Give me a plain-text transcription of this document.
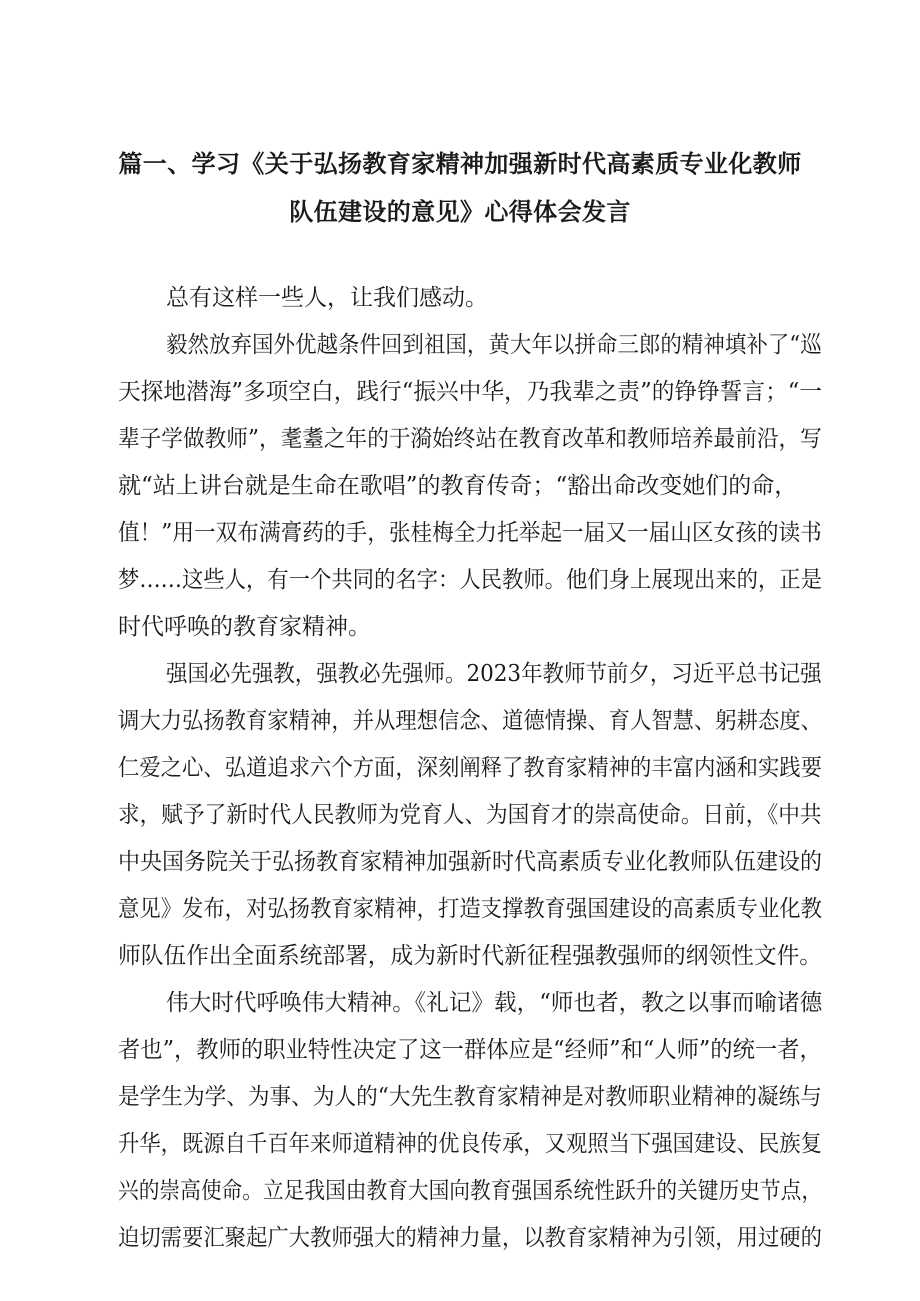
篇一、学习《关于弘扬教育家精神加强新时代高素质专业化教师
队伍建设的意见》心得体会发言
总有这样一些人，让我们感动。
毅然放弃国外优越条件回到祖国，黄大年以拼命三郎的精神填补了“巡
天探地潜海”多项空白，践行“振兴中华，乃我辈之责”的铮铮誓言；“一
辈子学做教师”，耄耋之年的于漪始终站在教育改革和教师培养最前沿，写
就“站上讲台就是生命在歌唱”的教育传奇；“豁出命改变她们的命，
值！”用一双布满膏药的手，张桂梅全力托举起一届又一届山区女孩的读书
梦……这些人，有一个共同的名字：人民教师。他们身上展现出来的，正是
时代呼唤的教育家精神。
强国必先强教，强教必先强师。2023年教师节前夕，习近平总书记强
调大力弘扬教育家精神，并从理想信念、道德情操、育人智慧、躬耕态度、
仁爱之心、弘道追求六个方面，深刻阐释了教育家精神的丰富内涵和实践要
求，赋予了新时代人民教师为党育人、为国育才的崇高使命。日前，《中共
中央国务院关于弘扬教育家精神加强新时代高素质专业化教师队伍建设的
意见》发布，对弘扬教育家精神，打造支撑教育强国建设的高素质专业化教
师队伍作出全面系统部署，成为新时代新征程强教强师的纲领性文件。
伟大时代呼唤伟大精神。《礼记》载，“师也者，教之以事而喻诸德
者也”，教师的职业特性决定了这一群体应是“经师”和“人师”的统一者，
是学生为学、为事、为人的“大先生教育家精神是对教师职业精神的凝练与
升华，既源自千百年来师道精神的优良传承，又观照当下强国建设、民族复
兴的崇高使命。立足我国由教育大国向教育强国系统性跃升的关键历史节点，
迫切需要汇聚起广大教师强大的精神力量，以教育家精神为引领，用过硬的
